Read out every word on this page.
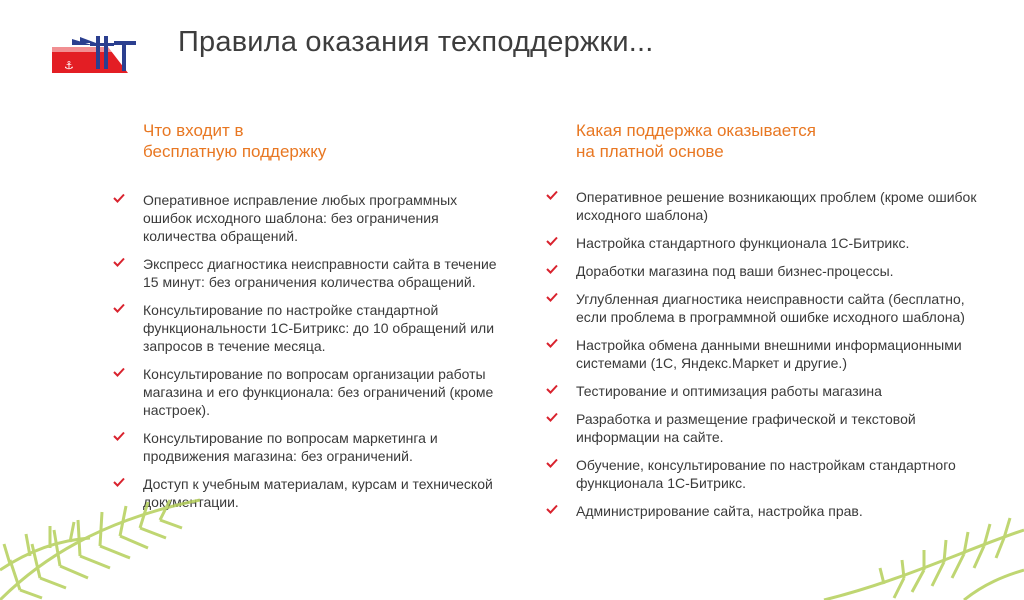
⚓
Правила оказания техподдержки...
Что входит в
бесплатную поддержку
Оперативное исправление любых программных ошибок исходного шаблона: без ограничения количества обращений.
Экспресс диагностика неисправности сайта в течение 15 минут: без ограничения количества обращений.
Консультирование по настройке стандартной функциональности 1С-Битрикс: до 10 обращений или запросов в течение месяца.
Консультирование по вопросам организации работы магазина и его функционала: без ограничений (кроме настроек).
Консультирование по вопросам маркетинга и продвижения магазина: без ограничений.
Доступ к учебным материалам, курсам и технической документации.
Какая поддержка оказывается
на платной основе
Оперативное решение возникающих проблем (кроме ошибок исходного шаблона)
Настройка стандартного функционала 1С-Битрикс.
Доработки магазина под ваши бизнес-процессы.
Углубленная диагностика неисправности сайта (бесплатно, если проблема в программной ошибке исходного шаблона)
Настройка обмена данными внешними информационными системами (1С, Яндекс.Маркет и другие.)
Тестирование и оптимизация работы магазина
Разработка и размещение графической и текстовой информации на сайте.
Обучение, консультирование по настройкам стандартного функционала 1С-Битрикс.
Администрирование сайта, настройка прав.
